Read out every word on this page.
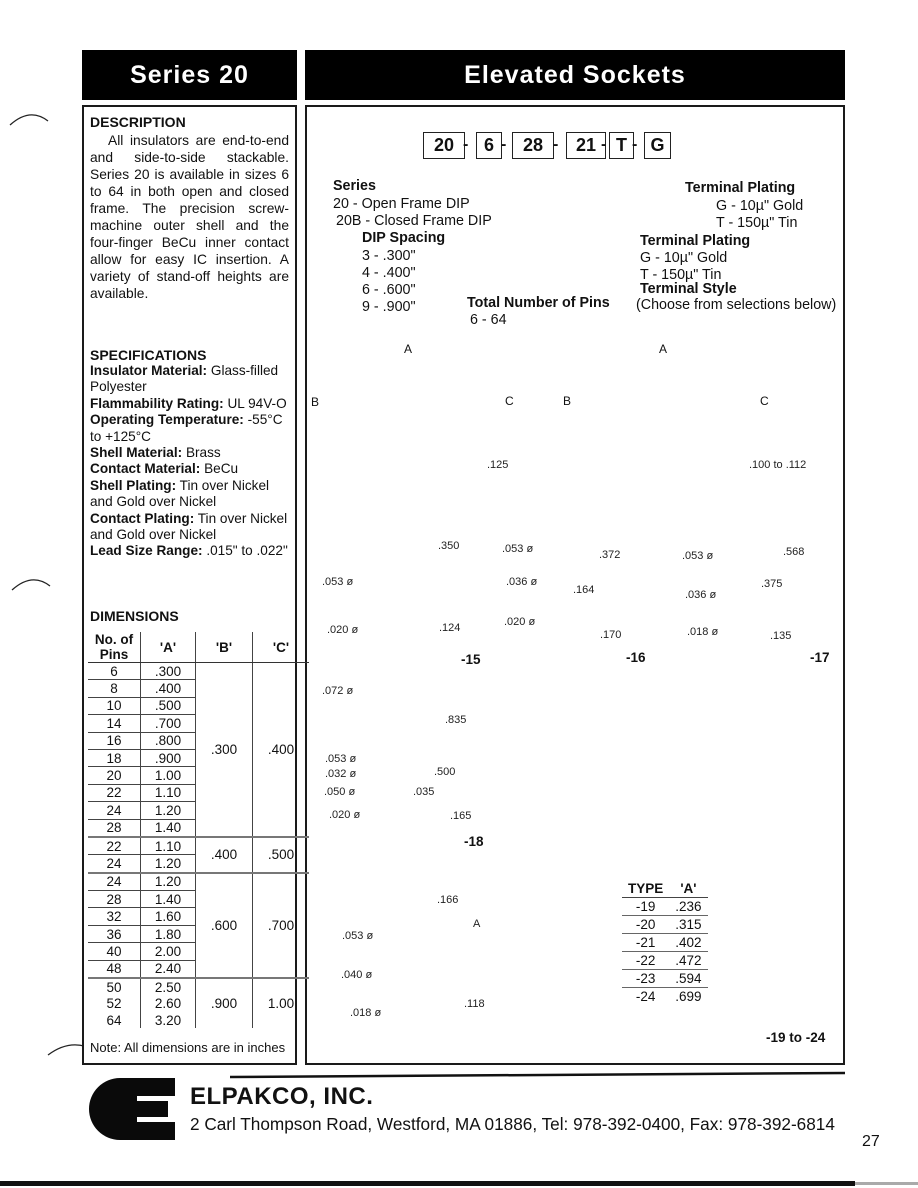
Series 20	Elevated Sockets
DESCRIPTION
All insulators are end-to-end and side-to-side stackable. Series 20 is available in sizes 6 to 64 in both open and closed frame. The precision screw-machine outer shell and the four-finger BeCu inner contact allow for easy IC insertion. A variety of stand-off heights are available.
SPECIFICATIONS

Insulator Material: Glass-filled Polyester

Flammability Rating: UL 94V-O

Operating Temperature: -55°C to +125°C

Shell Material: Brass

Contact Material: BeCu

Shell Plating: Tin over Nickel and Gold over Nickel

Contact Plating: Tin over Nickel and Gold over Nickel

Lead Size Range: .015" to .022"

DIMENSIONS
No. of
Pins	'A'	'B'	'C'
6	.300	.300	.400
8	.400		
10	.500		
14	.700		
16	.800		
18	.900		
20	1.00		
22	1.10		
24	1.20		
28	1.40		
22	1.10	.400	.500
24	1.20		
24	1.20	.600	.700
28	1.40		
32	1.60		
36	1.80		
40	2.00		
48	2.40		
50	2.50	.900	1.00
52	2.60		
64	3.20		
Note: All dimensions are in inches
20 - 6 - 28 - 21 - T - G
Series
20 - Open Frame DIP
20B - Closed Frame DIP
DIP Spacing
3 - .300"
4 - .400"
6 - .600"
9 - .900"	Total Number of Pins
6 - 64
Terminal Plating
G - 10µ" Gold
T - 150µ" Tin
Terminal Plating
G - 10µ" Gold
T - 150µ" Tin
Terminal Style
(Choose from selections below)
A
B	C
.125
A
B	C
.100 to .112
.350
.124
.053 ø
.020 ø
-15
.372
.164
.170
.053 ø
.036 ø
.020 ø
-16
.568
.375
.135
.053 ø
.036 ø
.018 ø
-17
.072 ø
.835
.500
.035
.165
.053 ø
.032 ø
.050 ø
.020 ø
-18
.166
A
.118
.053 ø
.040 ø
.018 ø
-19 to -24
TYPE	'A'
-19	.236
-20	.315
-21	.402
-22	.472
-23	.594
-24	.699
ELPAKCO, INC.
2 Carl Thompson Road, Westford, MA 01886, Tel: 978-392-0400, Fax: 978-392-6814
27
